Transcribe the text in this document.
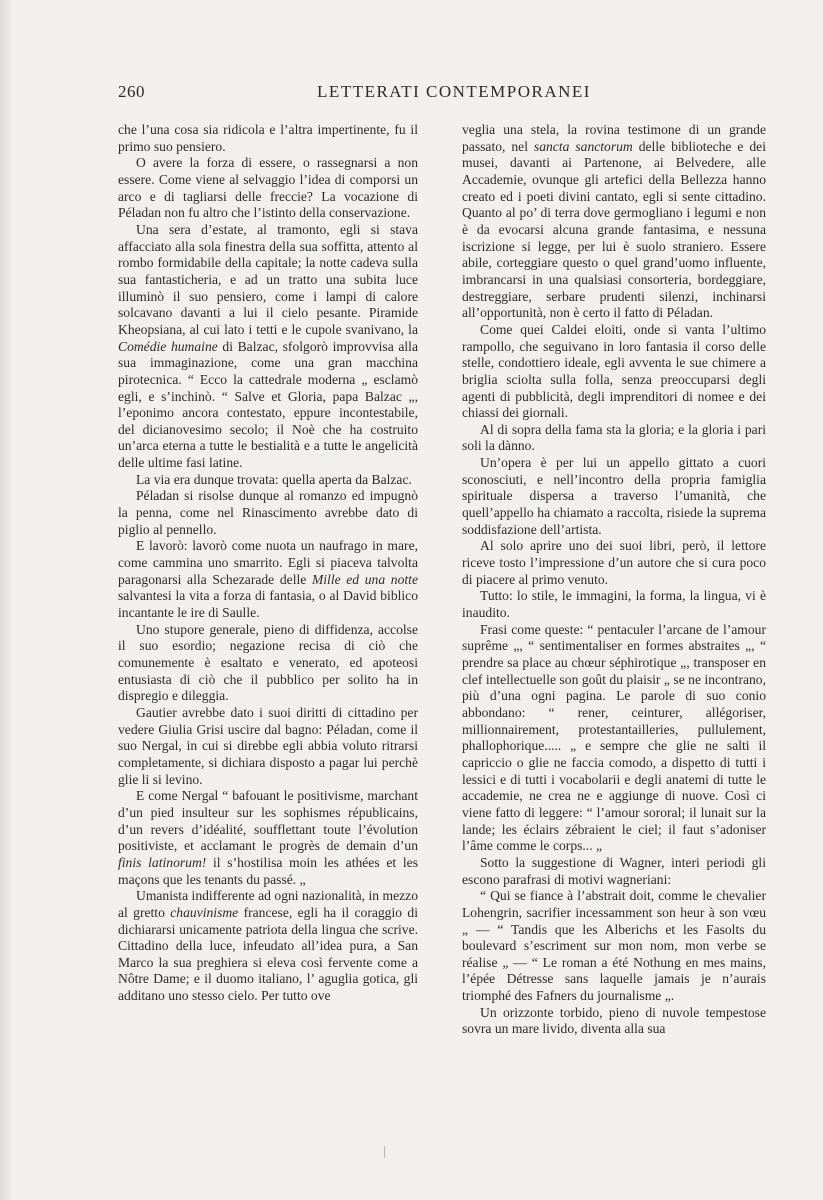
260	LETTERATI CONTEMPORANEI

che l’una cosa sia ridicola e l’altra impertinente, fu il primo suo pensiero.

O avere la forza di essere, o rassegnarsi a non essere. Come viene al selvaggio l’idea di comporsi un arco e di tagliarsi delle freccie? La vocazione di Péladan non fu altro che l’istinto della conservazione.

Una sera d’estate, al tramonto, egli si stava affacciato alla sola finestra della sua soffitta, attento al rombo formidabile della capitale; la notte cadeva sulla sua fantasticheria, e ad un tratto una subita luce illuminò il suo pensiero, come i lampi di calore solcavano davanti a lui il cielo pesante. Piramide Kheopsiana, al cui lato i tetti e le cupole svanivano, la Comédie humaine di Balzac, sfolgorò improvvisa alla sua immaginazione, come una gran macchina pirotecnica. “ Ecco la cattedrale moderna „ esclamò egli, e s’inchinò. “ Salve et Gloria, papa Balzac „, l’eponimo ancora contestato, eppure incontestabile, del dicianovesimo secolo; il Noè che ha costruito un’arca eterna a tutte le bestialità e a tutte le angelicità delle ultime fasi latine.

La via era dunque trovata: quella aperta da Balzac.

Péladan si risolse dunque al romanzo ed impugnò la penna, come nel Rinascimento avrebbe dato di piglio al pennello.

E lavorò: lavorò come nuota un naufrago in mare, come cammina uno smarrito. Egli si piaceva talvolta paragonarsi alla Schezarade delle Mille ed una notte salvantesi la vita a forza di fantasia, o al David biblico incantante le ire di Saulle.

Uno stupore generale, pieno di diffidenza, accolse il suo esordio; negazione recisa di ciò che comunemente è esaltato e venerato, ed apoteosi entusiasta di ciò che il pubblico per solito ha in dispregio e dileggia.

Gautier avrebbe dato i suoi diritti di cittadino per vedere Giulia Grisi uscire dal bagno: Péladan, come il suo Nergal, in cui si direbbe egli abbia voluto ritrarsi completamente, si dichiara disposto a pagar lui perchè glie li si levino.

E come Nergal “ bafouant le positivisme, marchant d’un pied insulteur sur les sophismes républicains, d’un revers d’idéalité, soufflettant toute l’évolution positiviste, et acclamant le progrès de demain d’un finis latinorum! il s’hostilisa moin les athées et les maçons que les tenants du passé. „

Umanista indifferente ad ogni nazionalità, in mezzo al gretto chauvinisme francese, egli ha il coraggio di dichiararsi unicamente patriota della lingua che scrive. Cittadino della luce, infeudato all’idea pura, a San Marco la sua preghiera si eleva così fervente come a Nôtre Dame; e il duomo italiano, l’ aguglia gotica, gli additano uno stesso cielo. Per tutto ove

veglia una stela, la rovina testimone di un grande passato, nel sancta sanctorum delle biblioteche e dei musei, davanti ai Partenone, ai Belvedere, alle Accademie, ovunque gli artefici della Bellezza hanno creato ed i poeti divini cantato, egli si sente cittadino. Quanto al po’ di terra dove germogliano i legumi e non è da evocarsi alcuna grande fantasima, e nessuna iscrizione si legge, per lui è suolo straniero. Essere abile, corteggiare questo o quel grand’uomo influente, imbrancarsi in una qualsiasi consorteria, bordeggiare, destreggiare, serbare prudenti silenzi, inchinarsi all’opportunità, non è certo il fatto di Péladan.

Come quei Caldei eloiti, onde si vanta l’ultimo rampollo, che seguivano in loro fantasia il corso delle stelle, condottiero ideale, egli avventa le sue chimere a briglia sciolta sulla folla, senza preoccuparsi degli agenti di pubblicità, degli imprenditori di nomee e dei chiassi dei giornali.

Al di sopra della fama sta la gloria; e la gloria i pari soli la dànno.

Un’opera è per lui un appello gittato a cuori sconosciuti, e nell’incontro della propria famiglia spirituale dispersa a traverso l’umanità, che quell’appello ha chiamato a raccolta, risiede la suprema soddisfazione dell’artista.

Al solo aprire uno dei suoi libri, però, il lettore riceve tosto l’impressione d’un autore che si cura poco di piacere al primo venuto.

Tutto: lo stile, le immagini, la forma, la lingua, vi è inaudito.

Frasi come queste: “ pentaculer l’arcane de l’amour suprême „, “ sentimentaliser en formes abstraites „, “ prendre sa place au chœur séphirotique „, transposer en clef intellectuelle son goût du plaisir „ se ne incontrano, più d’una ogni pagina. Le parole di suo conio abbondano: “ rener, ceinturer, allégoriser, millionnairement, protestantailleries, pullulement, phallophorique..... „ e sempre che glie ne salti il capriccio o glie ne faccia comodo, a dispetto di tutti i lessici e di tutti i vocabolarii e degli anatemi di tutte le accademie, ne crea ne e aggiunge di nuove. Così ci viene fatto di leggere: “ l’amour sororal; il lunait sur la lande; les éclairs zébraient le ciel; il faut s’adoniser l’âme comme le corps... „

Sotto la suggestione di Wagner, interi periodi gli escono parafrasi di motivi wagneriani:

“ Qui se fiance à l’abstrait doit, comme le chevalier Lohengrin, sacrifier incessamment son heur à son vœu „ — “ Tandis que les Alberichs et les Fasolts du boulevard s’escriment sur mon nom, mon verbe se réalise „ — “ Le roman a été Nothung en mes mains, l’épée Détresse sans laquelle jamais je n’aurais triomphé des Fafners du journalisme „.

Un orizzonte torbido, pieno di nuvole tempestose sovra un mare livido, diventa alla sua
